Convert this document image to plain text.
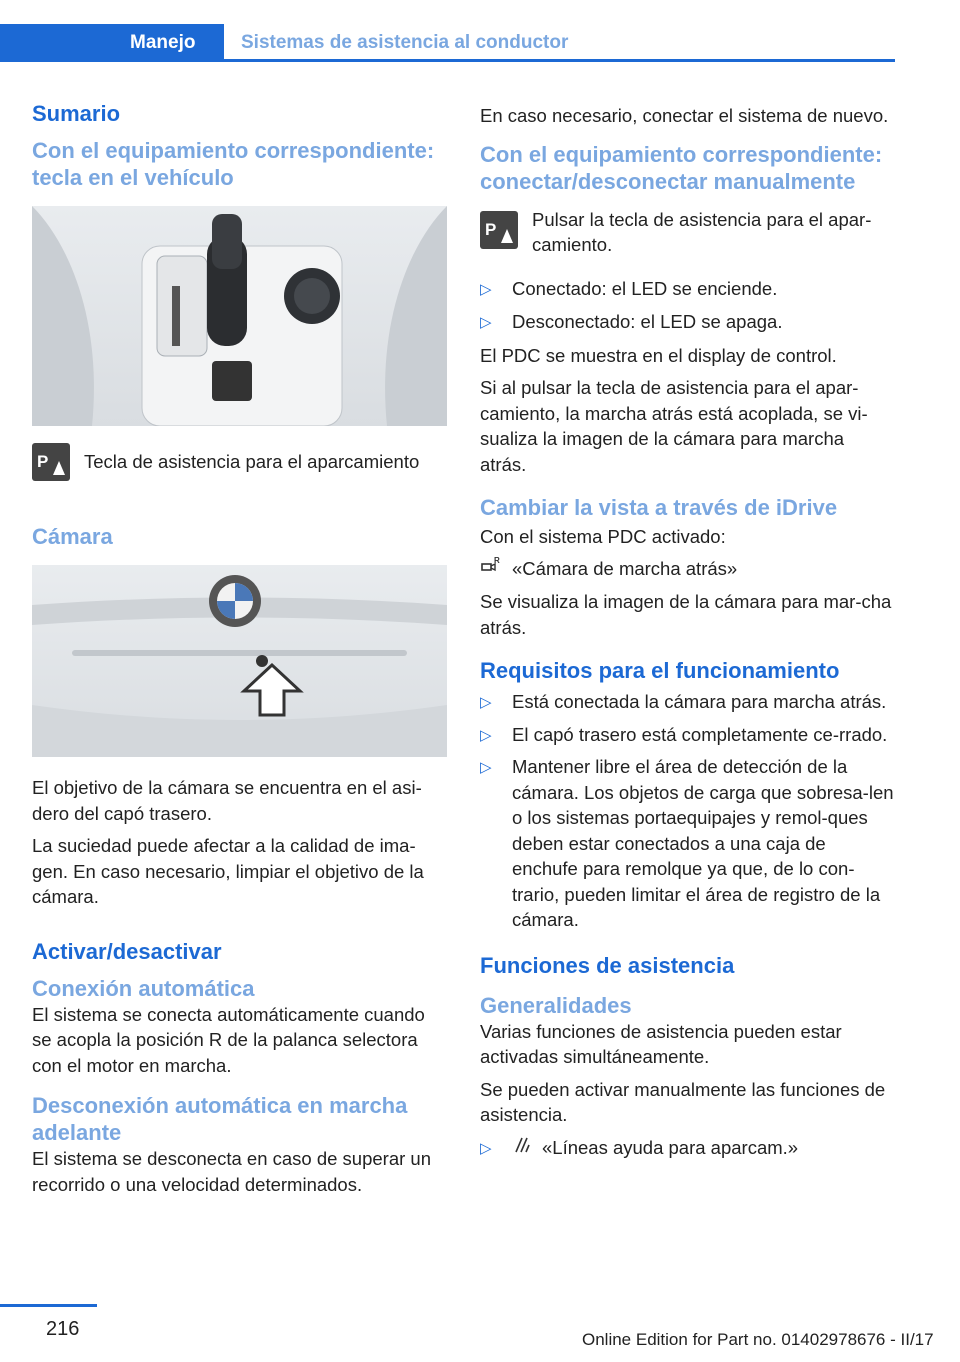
Manejo Sistemas de asistencia al conductor
Sumario
Con el equipamiento correspondiente: tecla en el vehículo
P
Tecla de asistencia para el aparcamiento
Cámara

El objetivo de la cámara se encuentra en el asi-dero del capó trasero.

La suciedad puede afectar a la calidad de ima-gen. En caso necesario, limpiar el objetivo de la cámara.

Activar/desactivar
Conexión automática

El sistema se conecta automáticamente cuando se acopla la posición R de la palanca selectora con el motor en marcha.

Desconexión automática en marcha adelante

El sistema se desconecta en caso de superar un recorrido o una velocidad determinados.

En caso necesario, conectar el sistema de nuevo.

Con el equipamiento correspondiente: conectar/desconectar manualmente
P
Pulsar la tecla de asistencia para el apar-camiento.
▷	Conectado: el LED se enciende.
▷	Desconectado: el LED se apaga.

El PDC se muestra en el display de control.

Si al pulsar la tecla de asistencia para el apar-camiento, la marcha atrás está acoplada, se vi-sualiza la imagen de la cámara para marcha atrás.

Cambiar la vista a través de iDrive

Con el sistema PDC activado:

R «Cámara de marcha atrás»

Se visualiza la imagen de la cámara para mar-cha atrás.

Requisitos para el funcionamiento
▷	Está conectada la cámara para marcha atrás.
▷	El capó trasero está completamente ce-rrado.
▷	Mantener libre el área de detección de la cámara. Los objetos de carga que sobresa-len o los sistemas portaequipajes y remol-ques deben estar conectados a una caja de enchufe para remolque ya que, de lo con-trario, pueden limitar el área de registro de la cámara.
Funciones de asistencia
Generalidades

Varias funciones de asistencia pueden estar activadas simultáneamente.

Se pueden activar manualmente las funciones de asistencia.

▷	«Líneas ayuda para aparcam.»
216	Online Edition for Part no. 01402978676 - II/17
